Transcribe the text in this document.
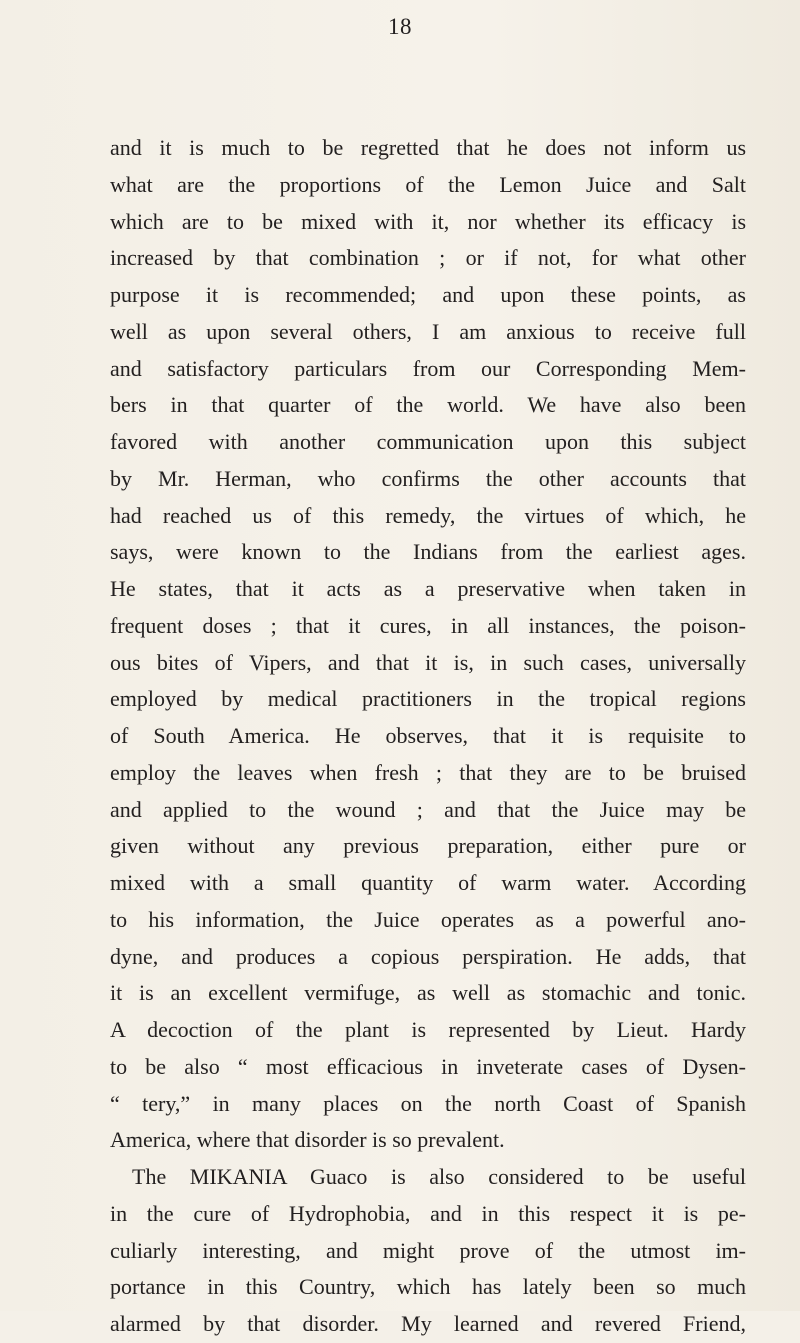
18
and it is much to be regretted that he does not inform us
what are the proportions of the Lemon Juice and Salt
which are to be mixed with it, nor whether its efficacy is
increased by that combination ; or if not, for what other
purpose it is recommended; and upon these points, as
well as upon several others, I am anxious to receive full
and satisfactory particulars from our Corresponding Mem-
bers in that quarter of the world. We have also been
favored with another communication upon this subject
by Mr. Herman, who confirms the other accounts that
had reached us of this remedy, the virtues of which, he
says, were known to the Indians from the earliest ages.
He states, that it acts as a preservative when taken in
frequent doses ; that it cures, in all instances, the poison-
ous bites of Vipers, and that it is, in such cases, universally
employed by medical practitioners in the tropical regions
of South America. He observes, that it is requisite to
employ the leaves when fresh ; that they are to be bruised
and applied to the wound ; and that the Juice may be
given without any previous preparation, either pure or
mixed with a small quantity of warm water. According
to his information, the Juice operates as a powerful ano-
dyne, and produces a copious perspiration. He adds, that
it is an excellent vermifuge, as well as stomachic and tonic.
A decoction of the plant is represented by Lieut. Hardy
to be also “ most efficacious in inveterate cases of Dysen-
“ tery,” in many places on the north Coast of Spanish
America, where that disorder is so prevalent.
The MIKANIA Guaco is also considered to be useful
in the cure of Hydrophobia, and in this respect it is pe-
culiarly interesting, and might prove of the utmost im-
portance in this Country, which has lately been so much
alarmed by that disorder. My learned and revered Friend,
